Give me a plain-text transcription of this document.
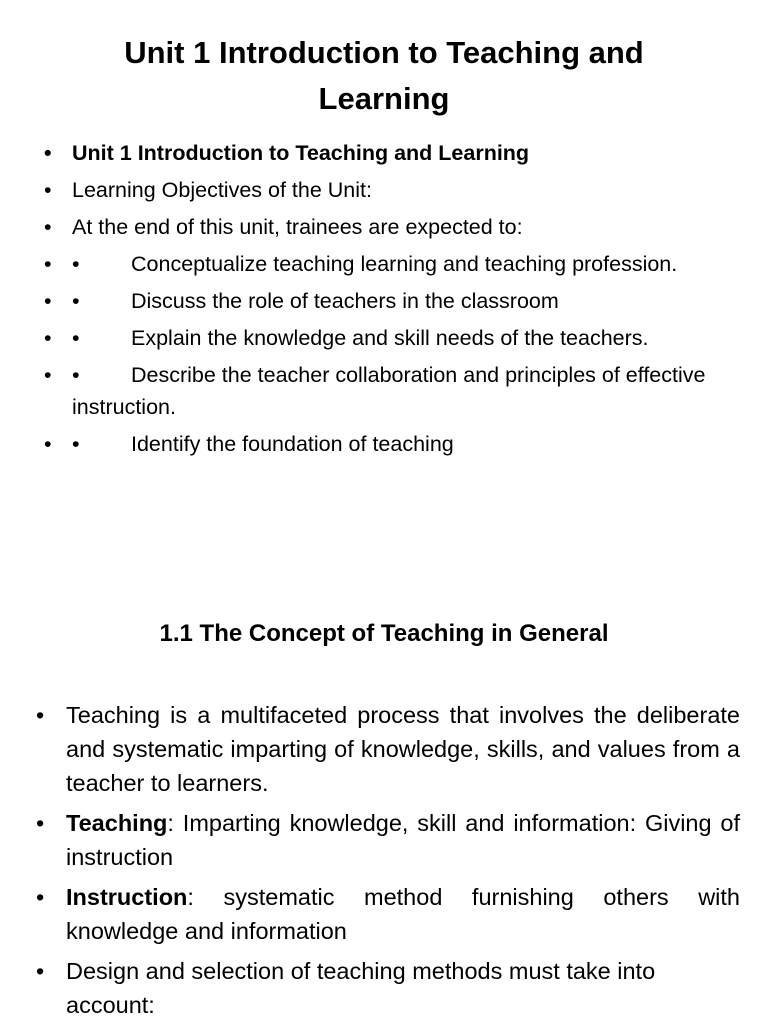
Unit 1 Introduction to Teaching and Learning
• Unit 1 Introduction to Teaching and Learning
• Learning Objectives of the Unit:
• At the end of this unit, trainees are expected to:
• • Conceptualize teaching learning and teaching profession.
• • Discuss the role of teachers in the classroom
• • Explain the knowledge and skill needs of the teachers.
• • Describe the teacher collaboration and principles of effective instruction.
• • Identify the foundation of teaching
1.1 The Concept of Teaching in General
• Teaching is a multifaceted process that involves the deliberate and systematic imparting of knowledge, skills, and values from a teacher to learners.
• Teaching: Imparting knowledge, skill and information: Giving of instruction
• Instruction: systematic method furnishing others with knowledge and information
• Design and selection of teaching methods must take into account:
